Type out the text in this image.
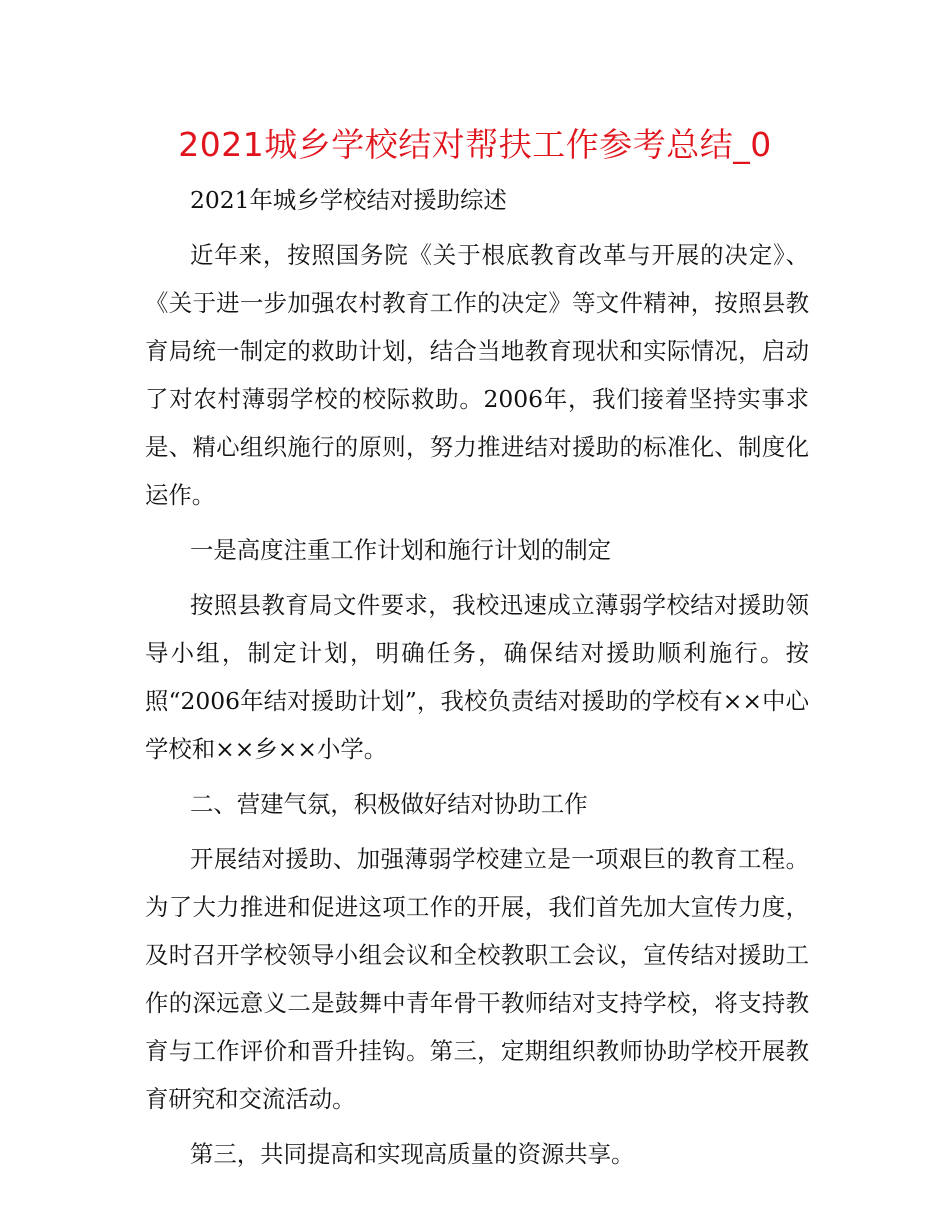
2021城乡学校结对帮扶工作参考总结_0

2021年城乡学校结对援助综述

近年来，按照国务院《关于根底教育改革与开展的决定》、《关于进一步加强农村教育工作的决定》等文件精神，按照县教育局统一制定的救助计划，结合当地教育现状和实际情况，启动了对农村薄弱学校的校际救助。2006年，我们接着坚持实事求是、精心组织施行的原则，努力推进结对援助的标准化、制度化运作。

一是高度注重工作计划和施行计划的制定

按照县教育局文件要求，我校迅速成立薄弱学校结对援助领导小组，制定计划，明确任务，确保结对援助顺利施行。按照“2006年结对援助计划”，我校负责结对援助的学校有××中心学校和××乡××小学。

二、营建气氛，积极做好结对协助工作

开展结对援助、加强薄弱学校建立是一项艰巨的教育工程。为了大力推进和促进这项工作的开展，我们首先加大宣传力度，及时召开学校领导小组会议和全校教职工会议，宣传结对援助工作的深远意义二是鼓舞中青年骨干教师结对支持学校，将支持教育与工作评价和晋升挂钩。第三，定期组织教师协助学校开展教育研究和交流活动。

第三，共同提高和实现高质量的资源共享。
